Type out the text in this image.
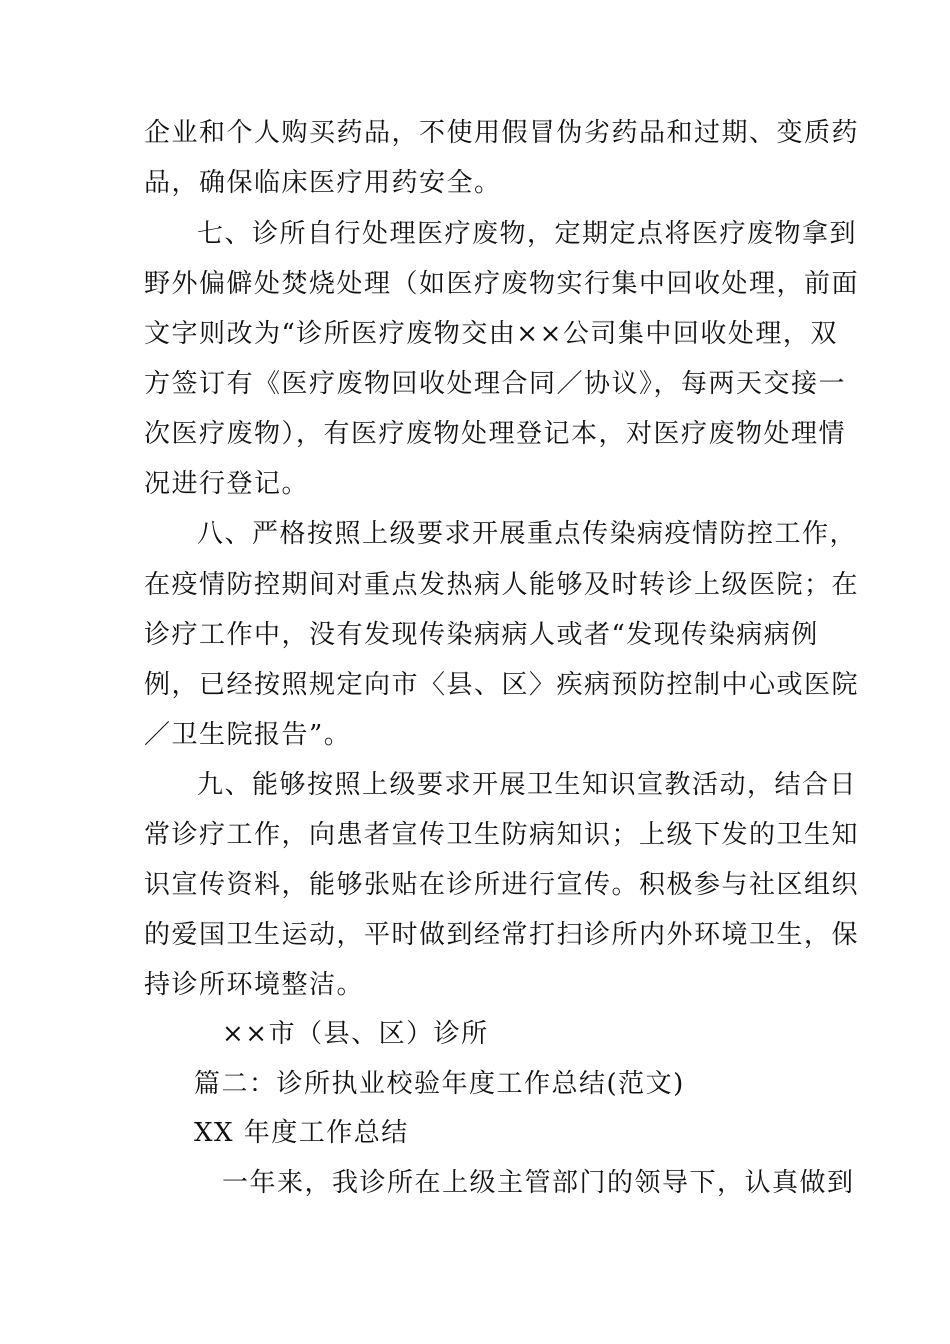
企业和个人购买药品，不使用假冒伪劣药品和过期、变质药
品，确保临床医疗用药安全。
七、诊所自行处理医疗废物，定期定点将医疗废物拿到
野外偏僻处焚烧处理（如医疗废物实行集中回收处理，前面
文字则改为“诊所医疗废物交由××公司集中回收处理，双
方签订有《医疗废物回收处理合同／协议》，每两天交接一
次医疗废物），有医疗废物处理登记本，对医疗废物处理情
况进行登记。
八、严格按照上级要求开展重点传染病疫情防控工作，
在疫情防控期间对重点发热病人能够及时转诊上级医院；在
诊疗工作中，没有发现传染病病人或者“发现传染病病例
例，已经按照规定向市〈县、区〉疾病预防控制中心或医院
／卫生院报告”。
九、能够按照上级要求开展卫生知识宣教活动，结合日
常诊疗工作，向患者宣传卫生防病知识；上级下发的卫生知
识宣传资料，能够张贴在诊所进行宣传。积极参与社区组织
的爱国卫生运动，平时做到经常打扫诊所内外环境卫生，保
持诊所环境整洁。
××市（县、区）诊所
篇二：诊所执业校验年度工作总结(范文)
XX 年度工作总结
一年来，我诊所在上级主管部门的领导下，认真做到
